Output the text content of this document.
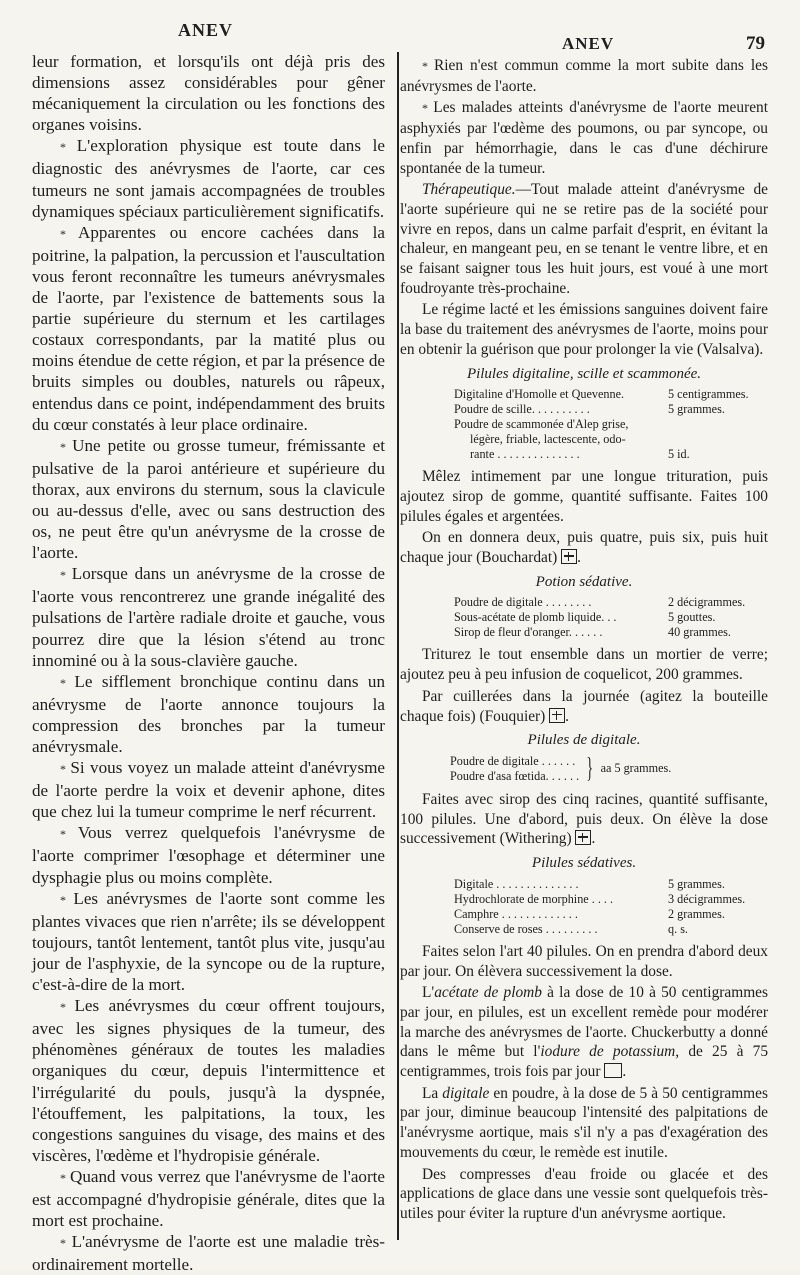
ANEV
ANEV	79

leur formation, et lorsqu'ils ont déjà pris des dimensions assez considérables pour gêner mécaniquement la circulation ou les fonctions des organes voisins.

* L'exploration physique est toute dans le diagnostic des anévrysmes de l'aorte, car ces tumeurs ne sont jamais accompagnées de troubles dynamiques spéciaux particulièrement significatifs.

* Apparentes ou encore cachées dans la poitrine, la palpation, la percussion et l'auscultation vous feront reconnaître les tumeurs anévrysmales de l'aorte, par l'existence de battements sous la partie supérieure du sternum et les cartilages costaux correspondants, par la matité plus ou moins étendue de cette région, et par la présence de bruits simples ou doubles, naturels ou râpeux, entendus dans ce point, indépendamment des bruits du cœur constatés à leur place ordinaire.

* Une petite ou grosse tumeur, frémissante et pulsative de la paroi antérieure et supérieure du thorax, aux environs du sternum, sous la clavicule ou au-dessus d'elle, avec ou sans destruction des os, ne peut être qu'un anévrysme de la crosse de l'aorte.

* Lorsque dans un anévrysme de la crosse de l'aorte vous rencontrerez une grande inégalité des pulsations de l'artère radiale droite et gauche, vous pourrez dire que la lésion s'étend au tronc innominé ou à la sous-clavière gauche.

* Le sifflement bronchique continu dans un anévrysme de l'aorte annonce toujours la compression des bronches par la tumeur anévrysmale.

* Si vous voyez un malade atteint d'anévrysme de l'aorte perdre la voix et devenir aphone, dites que chez lui la tumeur comprime le nerf récurrent.

* Vous verrez quelquefois l'anévrysme de l'aorte comprimer l'œsophage et déterminer une dysphagie plus ou moins complète.

* Les anévrysmes de l'aorte sont comme les plantes vivaces que rien n'arrête; ils se développent toujours, tantôt lentement, tantôt plus vite, jusqu'au jour de l'asphyxie, de la syncope ou de la rupture, c'est-à-dire de la mort.

* Les anévrysmes du cœur offrent toujours, avec les signes physiques de la tumeur, des phénomènes généraux de toutes les maladies organiques du cœur, depuis l'intermittence et l'irrégularité du pouls, jusqu'à la dyspnée, l'étouffement, les palpitations, la toux, les congestions sanguines du visage, des mains et des viscères, l'œdème et l'hydropisie générale.

* Quand vous verrez que l'anévrysme de l'aorte est accompagné d'hydropisie générale, dites que la mort est prochaine.

* L'anévrysme de l'aorte est une maladie très-ordinairement mortelle.

* Rien n'est commun comme la mort subite dans les anévrysmes de l'aorte.

* Les malades atteints d'anévrysme de l'aorte meurent asphyxiés par l'œdème des poumons, ou par syncope, ou enfin par hémorrhagie, dans le cas d'une déchirure spontanée de la tumeur.

Thérapeutique.—Tout malade atteint d'anévrysme de l'aorte supérieure qui ne se retire pas de la société pour vivre en repos, dans un calme parfait d'esprit, en évitant la chaleur, en mangeant peu, en se tenant le ventre libre, et en se faisant saigner tous les huit jours, est voué à une mort foudroyante très-prochaine.

Le régime lacté et les émissions sanguines doivent faire la base du traitement des anévrysmes de l'aorte, moins pour en obtenir la guérison que pour prolonger la vie (Valsalva).

Pilules digitaline, scille et scammonée.
Digitaline d'Homolle et Quevenne.	5 centigrammes.
Poudre de scille. . . . . . . . . .	5 grammes.
Poudre de scammonée d'Alep grise,	
légère, friable, lactescente, odo-	
rante . . . . . . . . . . . . . .	5 id.

Mêlez intimement par une longue trituration, puis ajoutez sirop de gomme, quantité suffisante. Faites 100 pilules égales et argentées.

On en donnera deux, puis quatre, puis six, puis huit chaque jour (Bouchardat) ☒.

Potion sédative.
Poudre de digitale . . . . . . . .	2 décigrammes.
Sous-acétate de plomb liquide. . .	5 gouttes.
Sirop de fleur d'oranger. . . . . .	40 grammes.

Triturez le tout ensemble dans un mortier de verre; ajoutez peu à peu infusion de coquelicot, 200 grammes.

Par cuillerées dans la journée (agitez la bouteille chaque fois) (Fouquier) ☒.

Pilules de digitale.
Poudre de digitale . . . . . .
Poudre d'asa fœtida. . . . . . } aa 5 grammes.

Faites avec sirop des cinq racines, quantité suffisante, 100 pilules. Une d'abord, puis deux. On élève la dose successivement (Withering) ☒.

Pilules sédatives.
Digitale . . . . . . . . . . . . . .	5 grammes.
Hydrochlorate de morphine . . . .	3 décigrammes.
Camphre . . . . . . . . . . . . .	2 grammes.
Conserve de roses . . . . . . . . .	q. s.

Faites selon l'art 40 pilules. On en prendra d'abord deux par jour. On élèvera successivement la dose.

L'acétate de plomb à la dose de 10 à 50 centigrammes par jour, en pilules, est un excellent remède pour modérer la marche des anévrysmes de l'aorte. Chuckerbutty a donné dans le même but l'iodure de potassium, de 25 à 75 centigrammes, trois fois par jour .

La digitale en poudre, à la dose de 5 à 50 centigrammes par jour, diminue beaucoup l'intensité des palpitations de l'anévrysme aortique, mais s'il n'y a pas d'exagération des mouvements du cœur, le remède est inutile.

Des compresses d'eau froide ou glacée et des applications de glace dans une vessie sont quelquefois très-utiles pour éviter la rupture d'un anévrysme aortique.
